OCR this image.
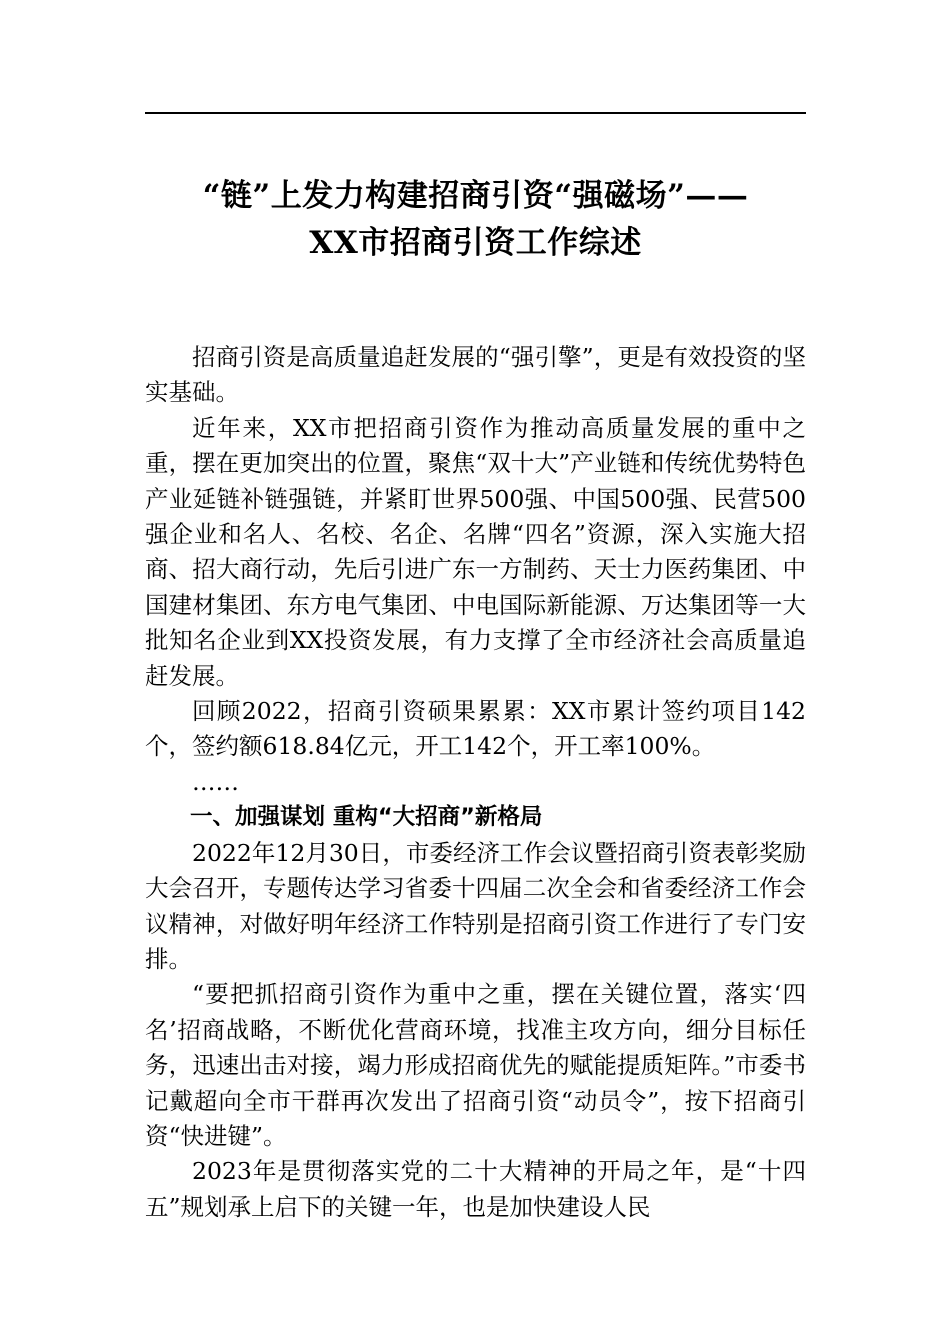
“链”上发力构建招商引资“强磁场”——
XX市招商引资工作综述

招商引资是高质量追赶发展的“强引擎”，更是有效投资的坚实基础。

近年来，XX市把招商引资作为推动高质量发展的重中之重，摆在更加突出的位置，聚焦“双十大”产业链和传统优势特色产业延链补链强链，并紧盯世界500强、中国500强、民营500强企业和名人、名校、名企、名牌“四名”资源，深入实施大招商、招大商行动，先后引进广东一方制药、天士力医药集团、中国建材集团、东方电气集团、中电国际新能源、万达集团等一大批知名企业到XX投资发展，有力支撑了全市经济社会高质量追赶发展。

回顾2022，招商引资硕果累累：XX市累计签约项目142个，签约额618.84亿元，开工142个，开工率100%。

……

一、加强谋划 重构“大招商”新格局

2022年12月30日，市委经济工作会议暨招商引资表彰奖励大会召开，专题传达学习省委十四届二次全会和省委经济工作会议精神，对做好明年经济工作特别是招商引资工作进行了专门安排。

“要把抓招商引资作为重中之重，摆在关键位置，落实‘四名’招商战略，不断优化营商环境，找准主攻方向，细分目标任务，迅速出击对接，竭力形成招商优先的赋能提质矩阵。”市委书记戴超向全市干群再次发出了招商引资“动员令”，按下招商引资“快进键”。

2023年是贯彻落实党的二十大精神的开局之年，是“十四五”规划承上启下的关键一年，也是加快建设人民
